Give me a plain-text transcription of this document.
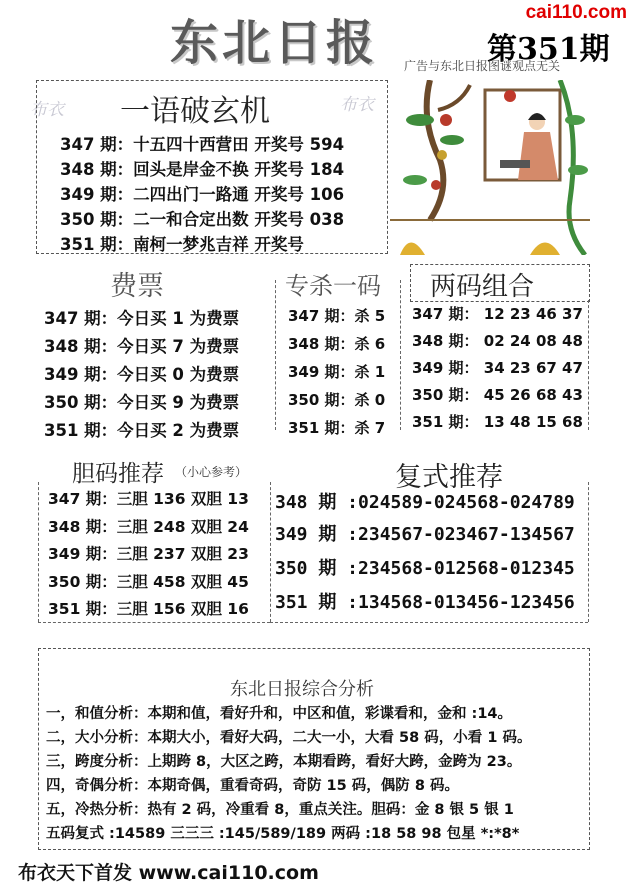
东北日报
cai110.com
第351期
广告与东北日报图谜观点无关
布衣
布衣 一语破玄机
347 期：十五四十西营田 开奖号 594
348 期：回头是岸金不换 开奖号 184
349 期：二四出门一路通 开奖号 106
350 期：二一和合定出数 开奖号 038
351 期：南柯一梦兆吉祥 开奖号
费票	专杀一码 两码组合
347 期：今日买 1 为费票
348 期：今日买 7 为费票
349 期：今日买 0 为费票
350 期：今日买 9 为费票
351 期：今日买 2 为费票
347 期：杀 5
348 期：杀 6
349 期：杀 1
350 期：杀 0
351 期：杀 7
347 期： 12 23 46 37
348 期： 02 24 08 48
349 期： 34 23 67 47
350 期： 45 26 68 43
351 期： 13 48 15 68
胆码推荐 （小心参考）
347 期：三胆 136 双胆 13
348 期：三胆 248 双胆 24
349 期：三胆 237 双胆 23
350 期：三胆 458 双胆 45
351 期：三胆 156 双胆 16
复式推荐
348 期 :024589-024568-024789
349 期 :234567-023467-134567
350 期 :234568-012568-012345
351 期 :134568-013456-123456
东北日报综合分析
一，和值分析：本期和值，看好升和，中区和值，彩谍看和，金和 :14。
二，大小分析：本期大小，看好大码，二大一小，大看 58 码，小看 1 码。
三，跨度分析：上期跨 8，大区之跨，本期看跨，看好大跨，金跨为 23。
四，奇偶分析：本期奇偶，重看奇码，奇防 15 码，偶防 8 码。
五，冷热分析：热有 2 码，冷重看 8，重点关注。胆码：金 8 银 5 银 1
五码复式 :14589 三三三 :145/589/189 两码 :18 58 98 包星 *:*8*
布衣天下首发 www.cai110.com
